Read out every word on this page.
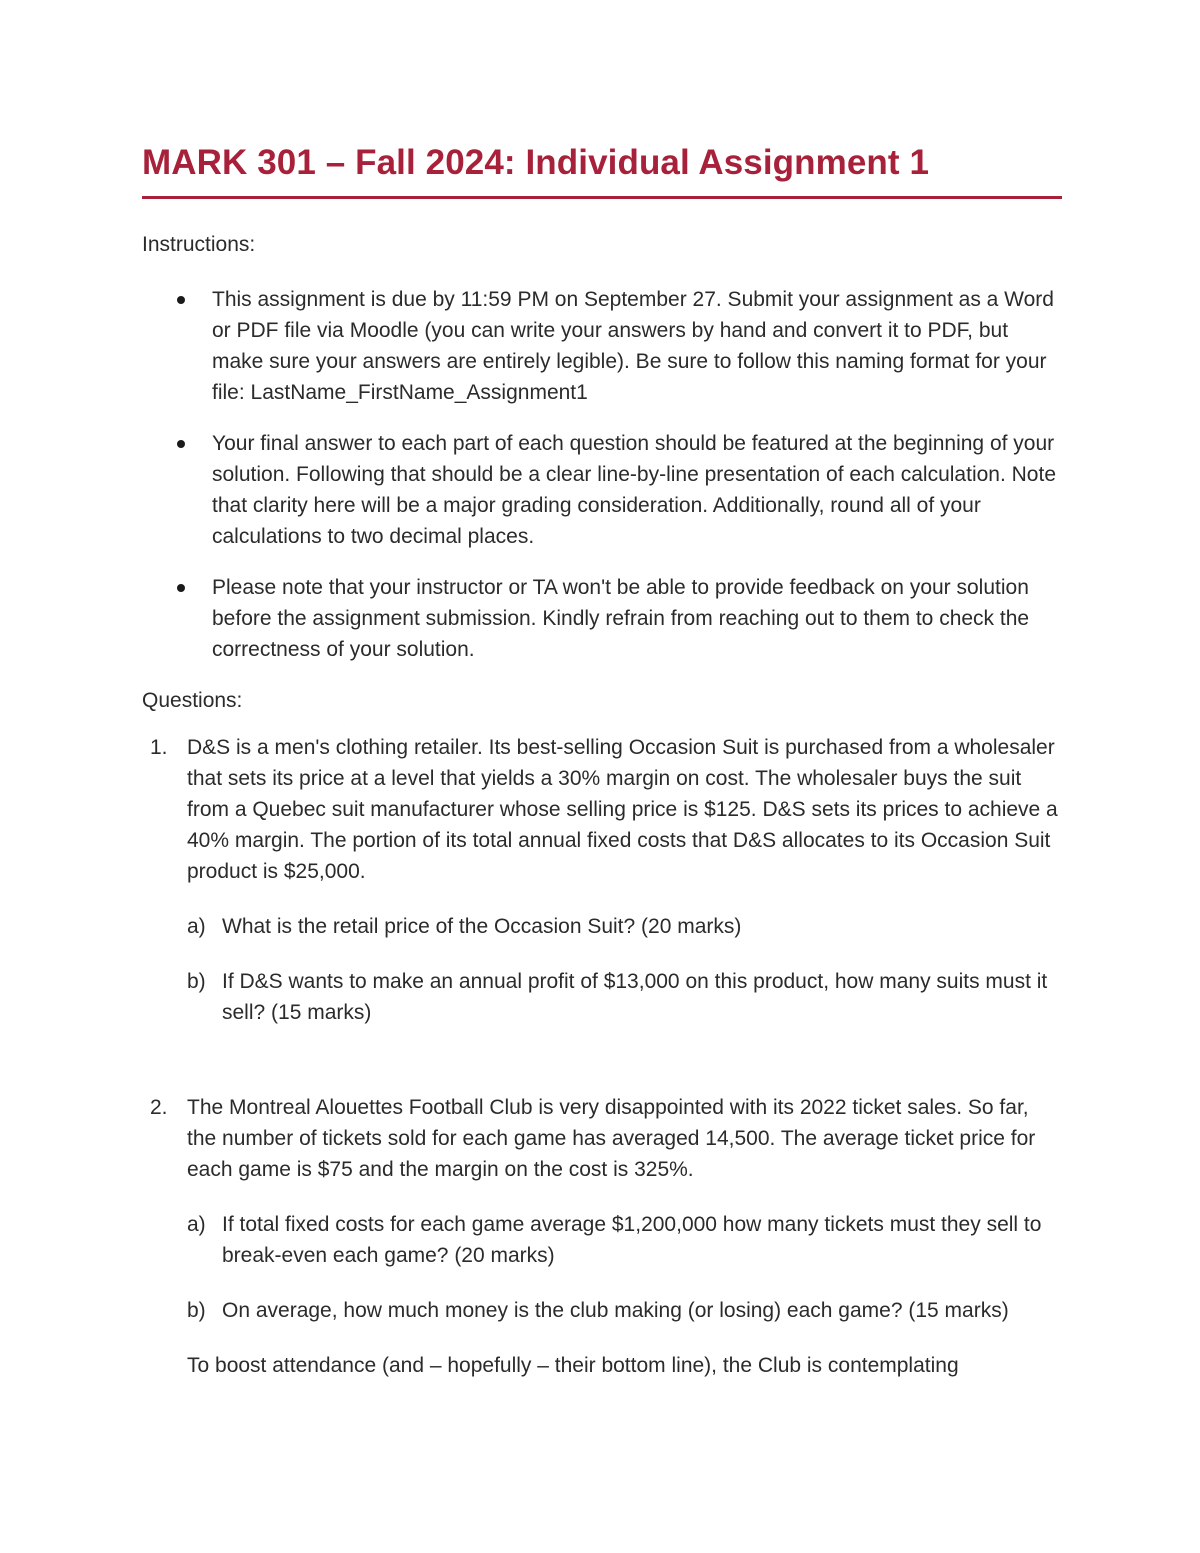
MARK 301 – Fall 2024: Individual Assignment 1

Instructions:

This assignment is due by 11:59 PM on September 27. Submit your assignment as a Word or PDF file via Moodle (you can write your answers by hand and convert it to PDF, but make sure your answers are entirely legible). Be sure to follow this naming format for your file: LastName_FirstName_Assignment1
Your final answer to each part of each question should be featured at the beginning of your solution. Following that should be a clear line-by-line presentation of each calculation. Note that clarity here will be a major grading consideration. Additionally, round all of your calculations to two decimal places.
Please note that your instructor or TA won't be able to provide feedback on your solution before the assignment submission. Kindly refrain from reaching out to them to check the correctness of your solution.

Questions:

1. D&S is a men's clothing retailer. Its best-selling Occasion Suit is purchased from a wholesaler that sets its price at a level that yields a 30% margin on cost. The wholesaler buys the suit from a Quebec suit manufacturer whose selling price is $125. D&S sets its prices to achieve a 40% margin. The portion of its total annual fixed costs that D&S allocates to its Occasion Suit product is $25,000.

a) What is the retail price of the Occasion Suit? (20 marks)
b) If D&S wants to make an annual profit of $13,000 on this product, how many suits must it sell? (15 marks)
2. The Montreal Alouettes Football Club is very disappointed with its 2022 ticket sales. So far, the number of tickets sold for each game has averaged 14,500. The average ticket price for each game is $75 and the margin on the cost is 325%.

a) If total fixed costs for each game average $1,200,000 how many tickets must they sell to break-even each game? (20 marks)
b) On average, how much money is the club making (or losing) each game? (15 marks)

To boost attendance (and – hopefully – their bottom line), the Club is contemplating
